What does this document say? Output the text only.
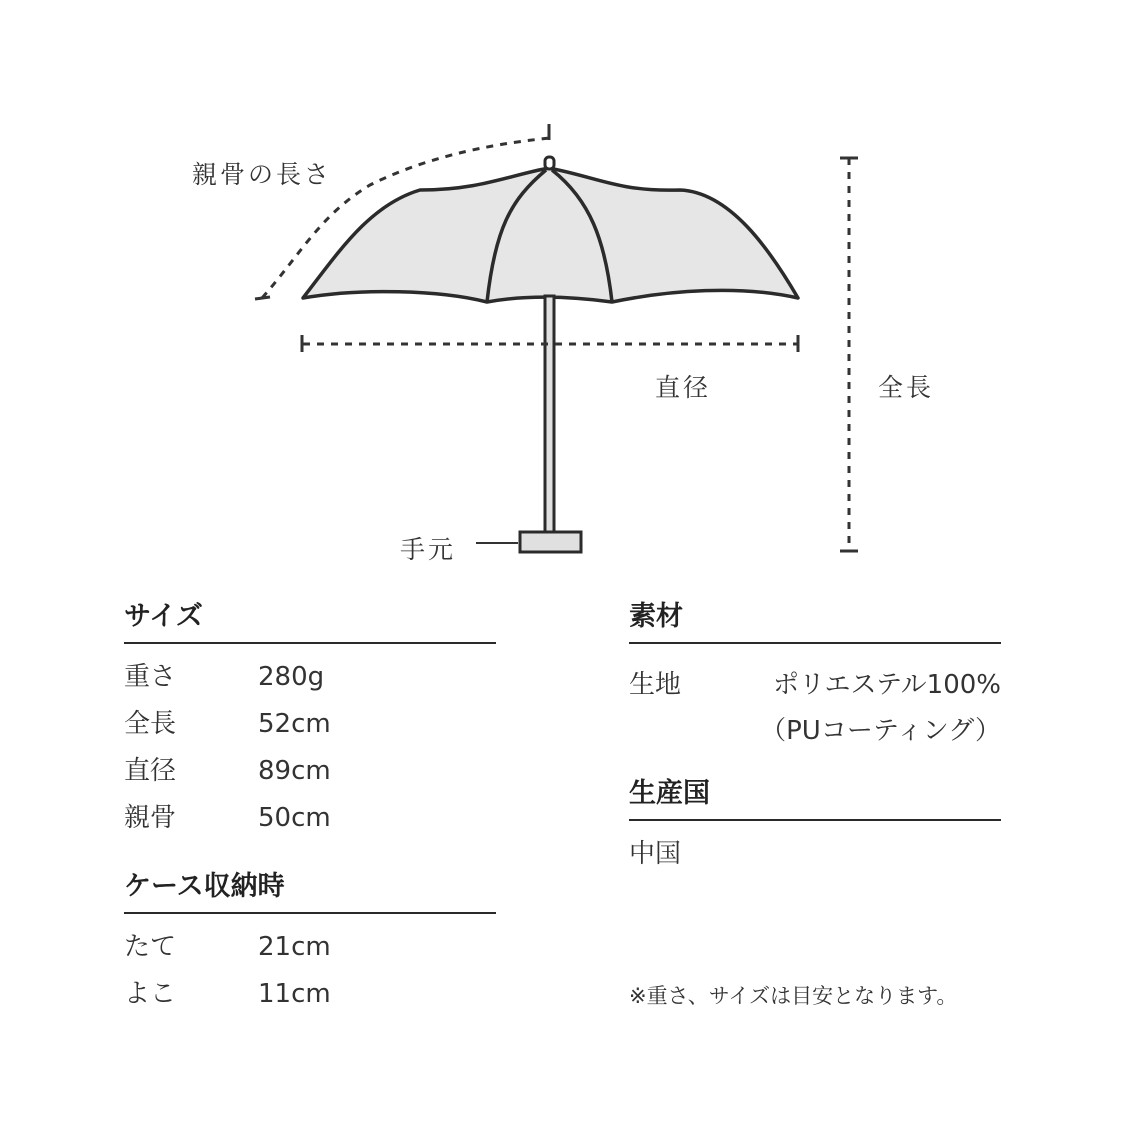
親骨の長さ
直径	全長
手元
サイズ
重さ	280g
全長	52cm
直径	89cm
親骨	50cm
ケース収納時
たて	21cm
よこ	11cm
素材
生地	ポリエステル100%
（PUコーティング）
生産国
中国
※重さ、サイズは目安となります。
